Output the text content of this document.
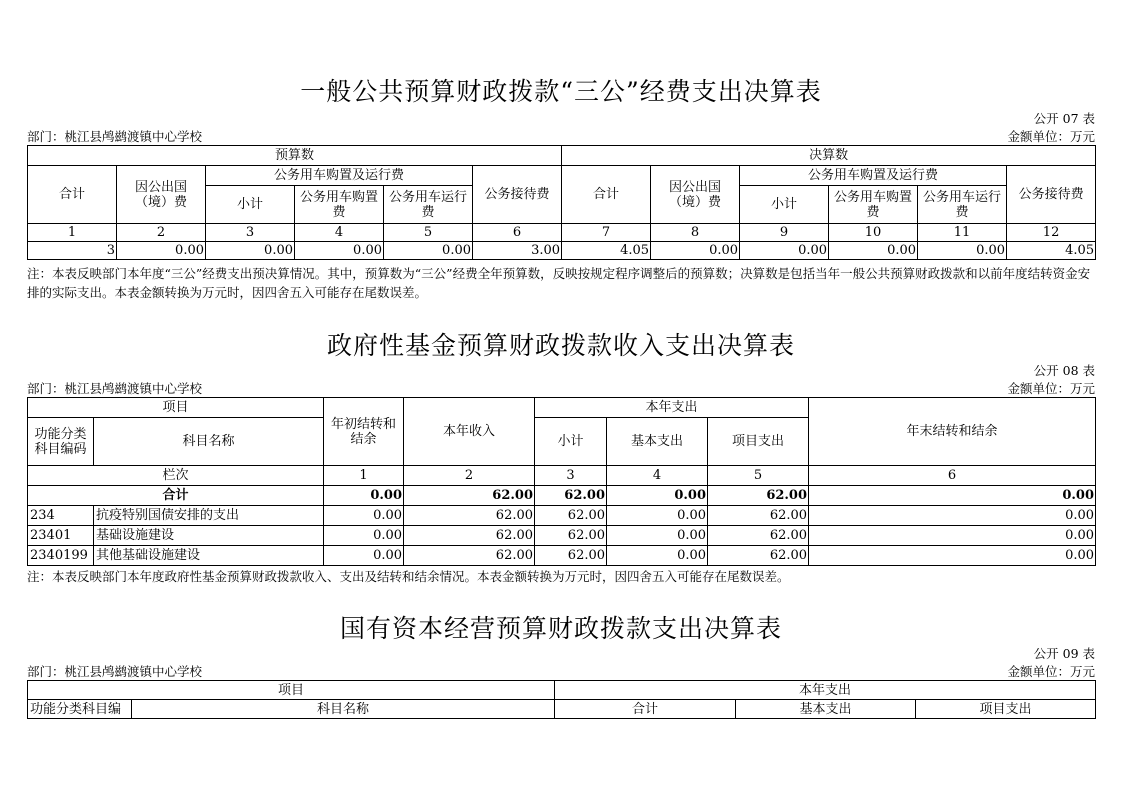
一般公共预算财政拨款“三公”经费支出决算表
公开 07 表
部门：桃江县鸬鹚渡镇中心学校	金额单位：万元
预算数						决算数					
合计	因公出国（境）费	公务用车购置及运行费			公务接待费	合计	因公出国（境）费	公务用车购置及运行费			公务接待费
		小计	公务用车购置费	公务用车运行费				小计	公务用车购置费	公务用车运行费	
1	2	3	4	5	6	7	8	9	10	11	12
3	0.00	0.00	0.00	0.00	3.00	4.05	0.00	0.00	0.00	0.00	4.05
注：本表反映部门本年度“三公”经费支出预决算情况。其中，预算数为“三公”经费全年预算数，反映按规定程序调整后的预算数；决算数是包括当年一般公共预算财政拨款和以前年度结转资金安排的实际支出。本表金额转换为万元时，因四舍五入可能存在尾数误差。
政府性基金预算财政拨款收入支出决算表
公开 08 表
部门：桃江县鸬鹚渡镇中心学校	金额单位：万元
项目		年初结转和结余	本年收入	本年支出			年末结转和结余
功能分类科目编码	科目名称			小计	基本支出	项目支出	
栏次		1	2	3	4	5	6
合计		0.00	62.00	62.00	0.00	62.00	0.00
234	抗疫特别国债安排的支出	0.00	62.00	62.00	0.00	62.00	0.00
23401	基础设施建设	0.00	62.00	62.00	0.00	62.00	0.00
2340199	其他基础设施建设	0.00	62.00	62.00	0.00	62.00	0.00
注：本表反映部门本年度政府性基金预算财政拨款收入、支出及结转和结余情况。本表金额转换为万元时，因四舍五入可能存在尾数误差。
国有资本经营预算财政拨款支出决算表
公开 09 表
部门：桃江县鸬鹚渡镇中心学校	金额单位：万元
项目		本年支出		
功能分类科目编	科目名称	合计	基本支出	项目支出
